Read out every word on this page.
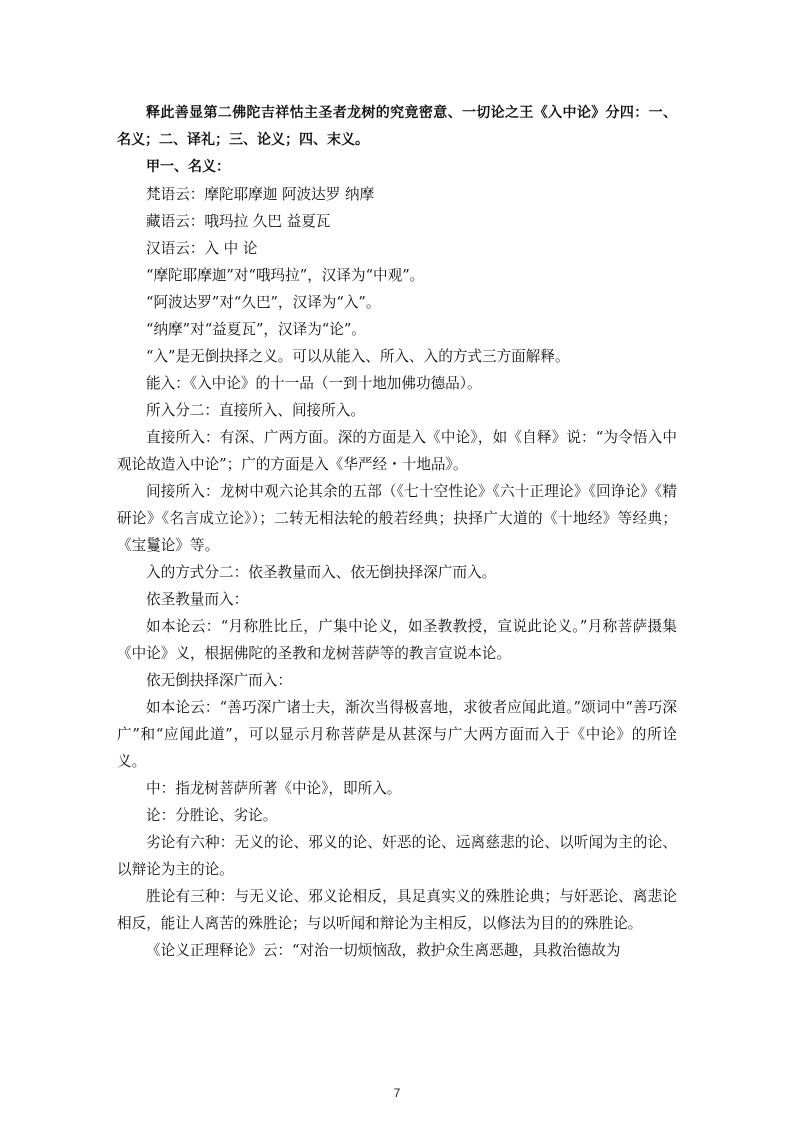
释此善显第二佛陀吉祥怙主圣者龙树的究竟密意、一切论之王《入中论》分四：一、名义；二、译礼；三、论义；四、末义。

甲一、名义：

梵语云：摩陀耶摩迦 阿波达罗 纳摩

藏语云：哦玛拉 久巴 益夏瓦

汉语云：入 中 论

“摩陀耶摩迦”对“哦玛拉”，汉译为“中观”。

“阿波达罗”对“久巴”，汉译为“入”。

“纳摩”对“益夏瓦”，汉译为“论”。

“入”是无倒抉择之义。可以从能入、所入、入的方式三方面解释。

能入：《入中论》的十一品（一到十地加佛功德品）。

所入分二：直接所入、间接所入。

直接所入：有深、广两方面。深的方面是入《中论》，如《自释》说：“为令悟入中观论故造入中论”；广的方面是入《华严经・十地品》。

间接所入：龙树中观六论其余的五部（《七十空性论》《六十正理论》《回诤论》《精研论》《名言成立论》）；二转无相法轮的般若经典；抉择广大道的《十地经》等经典；《宝鬘论》等。

入的方式分二：依圣教量而入、依无倒抉择深广而入。

依圣教量而入：

如本论云：“月称胜比丘，广集中论义，如圣教教授，宣说此论义。”月称菩萨摄集《中论》义，根据佛陀的圣教和龙树菩萨等的教言宣说本论。

依无倒抉择深广而入：

如本论云：“善巧深广诸士夫，渐次当得极喜地，求彼者应闻此道。”颂词中“善巧深广”和“应闻此道”，可以显示月称菩萨是从甚深与广大两方面而入于《中论》的所诠义。

中：指龙树菩萨所著《中论》，即所入。

论：分胜论、劣论。

劣论有六种：无义的论、邪义的论、奸恶的论、远离慈悲的论、以听闻为主的论、以辩论为主的论。

胜论有三种：与无义论、邪义论相反，具足真实义的殊胜论典；与奸恶论、离悲论相反，能让人离苦的殊胜论；与以听闻和辩论为主相反，以修法为目的的殊胜论。

《论义正理释论》云：“对治一切烦恼敌，救护众生离恶趣，具救治德故为

7
